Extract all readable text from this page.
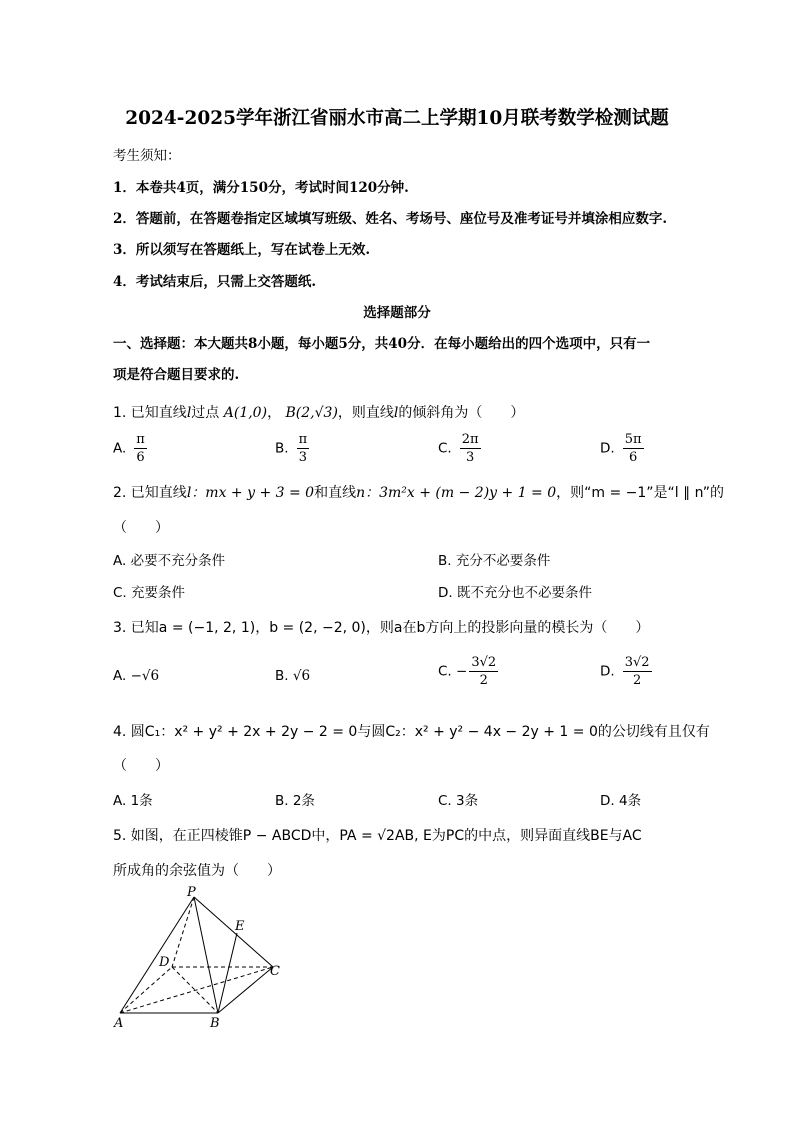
2024-2025学年浙江省丽水市高二上学期10月联考数学检测试题
考生须知：
1．本卷共4页，满分150分，考试时间120分钟.
2．答题前，在答题卷指定区域填写班级、姓名、考场号、座位号及准考证号并填涂相应数字.
3．所以须写在答题纸上，写在试卷上无效.
4．考试结束后，只需上交答题纸.
选择题部分
一、选择题：本大题共8小题，每小题5分，共40分．在每小题给出的四个选项中，只有一
项是符合题目要求的.
1. 已知直线l过点 A(1,0)， B(2,√3)，则直线l的倾斜角为（　　）
A. $\frac{\pi}{6}$	B. $\frac{\pi}{3}$	C. $\frac{2\pi}{3}$	D. $\frac{5\pi}{6}$
2. 已知直线l：mx + y + 3 = 0和直线n：3m²x + (m − 2)y + 1 = 0，则“m = −1”是“l ∥ n”的
（　　）
A. 必要不充分条件	B. 充分不必要条件
C. 充要条件	D. 既不充分也不必要条件
3. 已知a = (−1, 2, 1)，b = (2, −2, 0)，则a在b方向上的投影向量的模长为（　　）
A. −√6	B. √6	C. − $\frac{3√2}{2}$	D. $\frac{3√2}{2}$
4. 圆C₁：x² + y² + 2x + 2y − 2 = 0与圆C₂：x² + y² − 4x − 2y + 1 = 0的公切线有且仅有
（　　）
A. 1条	B. 2条	C. 3条	D. 4条
5. 如图，在正四棱锥P − ABCD中，PA = √2AB, E为PC的中点，则异面直线BE与AC
所成角的余弦值为（　　）
P
E
D
C
A	B
